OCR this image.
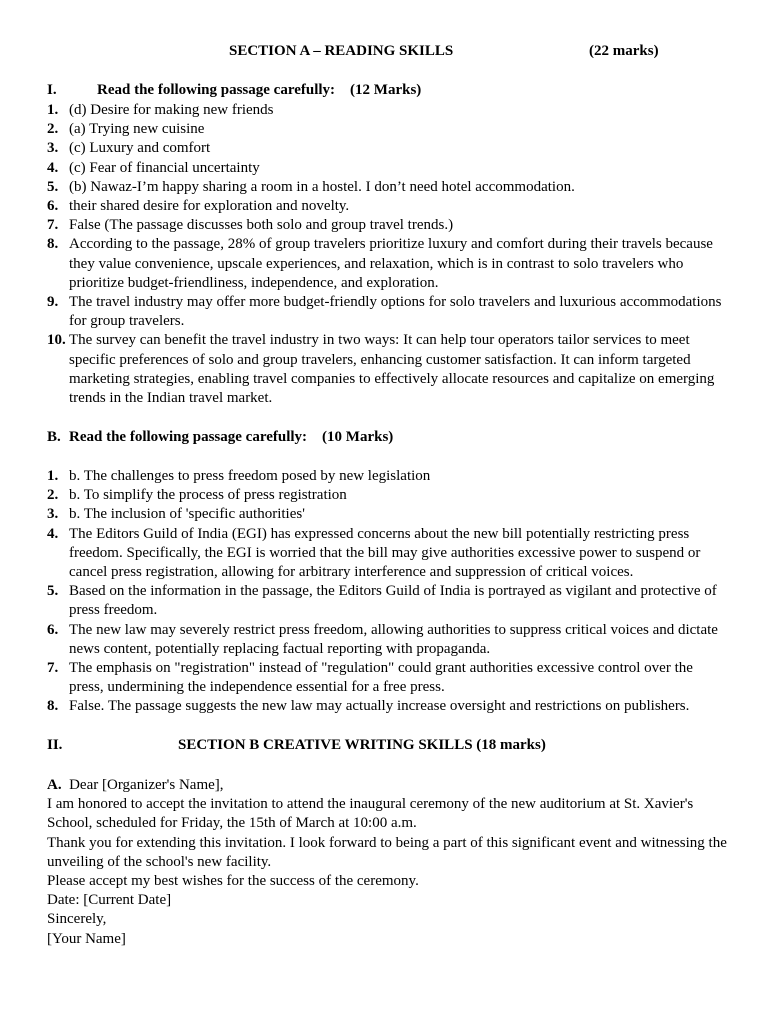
SECTION A – READING SKILLS	(22 marks)
I.	Read the following passage carefully:    (12 Marks)
1. (d) Desire for making new friends
2. (a) Trying new cuisine
3. (c) Luxury and comfort
4. (c) Fear of financial uncertainty
5. (b) Nawaz-I’m happy sharing a room in a hostel. I don’t need hotel accommodation.
6. their shared desire for exploration and novelty.
7. False (The passage discusses both solo and group travel trends.)
8. According to the passage, 28% of group travelers prioritize luxury and comfort during their travels because they value convenience, upscale experiences, and relaxation, which is in contrast to solo travelers who prioritize budget-friendliness, independence, and exploration.
9. The travel industry may offer more budget-friendly options for solo travelers and luxurious accommodations for group travelers.
10. The survey can benefit the travel industry in two ways: It can help tour operators tailor services to meet specific preferences of solo and group travelers, enhancing customer satisfaction. It can inform targeted marketing strategies, enabling travel companies to effectively allocate resources and capitalize on emerging trends in the Indian travel market.
B. Read the following passage carefully:    (10 Marks)
1. b. The challenges to press freedom posed by new legislation
2. b. To simplify the process of press registration
3. b. The inclusion of 'specific authorities'
4. The Editors Guild of India (EGI) has expressed concerns about the new bill potentially restricting press freedom. Specifically, the EGI is worried that the bill may give authorities excessive power to suspend or cancel press registration, allowing for arbitrary interference and suppression of critical voices.
5. Based on the information in the passage, the Editors Guild of India is portrayed as vigilant and protective of press freedom.
6. The new law may severely restrict press freedom, allowing authorities to suppress critical voices and dictate news content, potentially replacing factual reporting with propaganda.
7. The emphasis on "registration" instead of "regulation" could grant authorities excessive control over the press, undermining the independence essential for a free press.
8. False. The passage suggests the new law may actually increase oversight and restrictions on publishers.
II.	SECTION B CREATIVE WRITING SKILLS (18 marks)
A. Dear [Organizer's Name],
I am honored to accept the invitation to attend the inaugural ceremony of the new auditorium at St. Xavier's School, scheduled for Friday, the 15th of March at 10:00 a.m.
Thank you for extending this invitation. I look forward to being a part of this significant event and witnessing the unveiling of the school's new facility.
Please accept my best wishes for the success of the ceremony.
Date: [Current Date]
Sincerely,
[Your Name]
